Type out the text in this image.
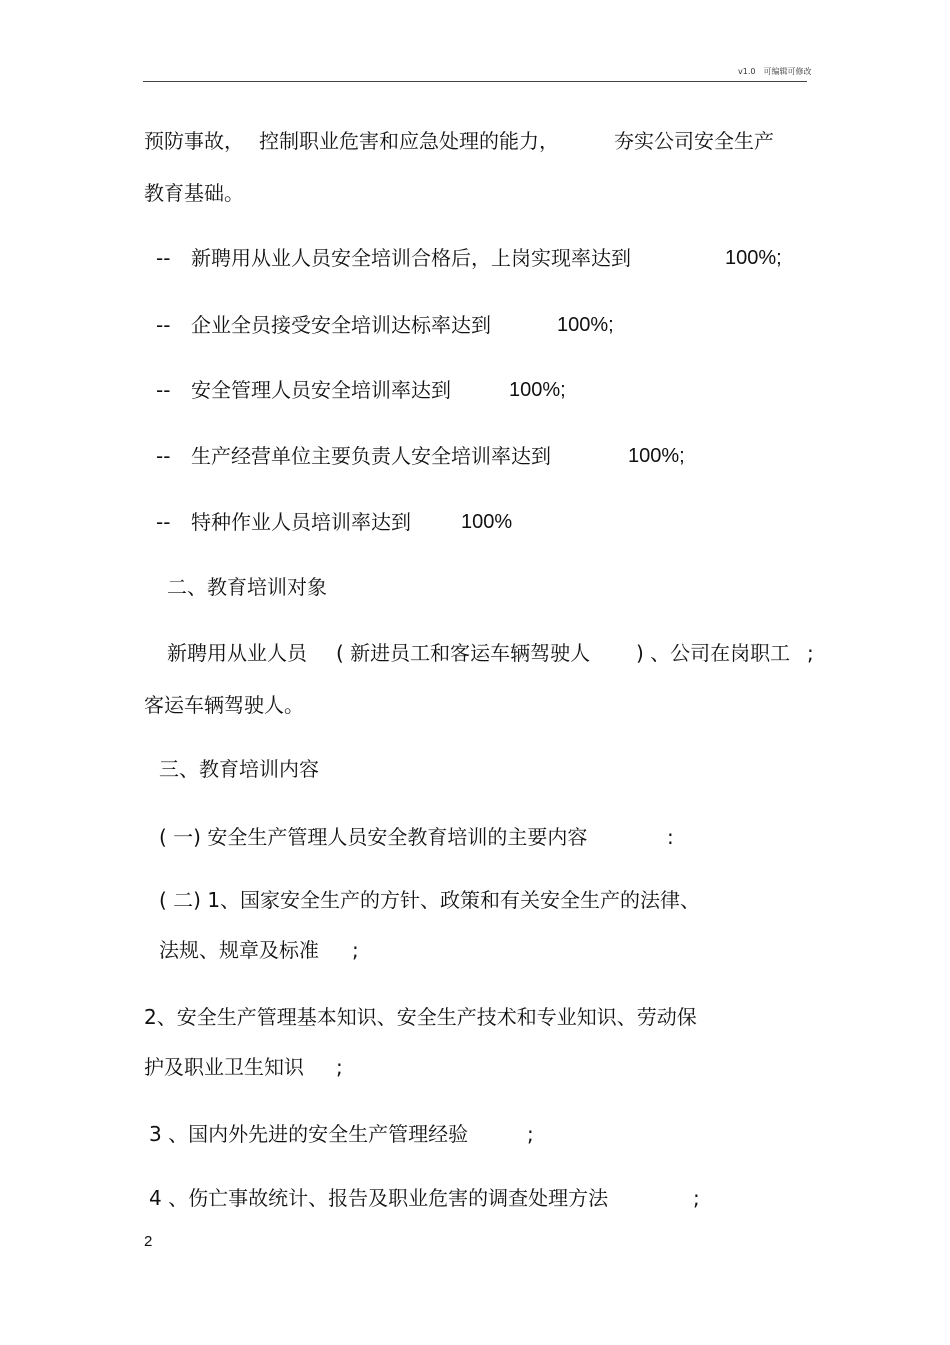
v1.0　可编辑可修改
预防事故， 控制职业危害和应急处理的能力，	夯实公司安全生产
教育基础。
-- 新聘用从业人员安全培训合格后，上岗实现率达到	100%;
-- 企业全员接受安全培训达标率达到	100%;
-- 安全管理人员安全培训率达到	100%;
-- 生产经营单位主要负责人安全培训率达到	100%;
-- 特种作业人员培训率达到	100%
二、教育培训对象
新聘用从业人员 ( 新进员工和客运车辆驾驶人 ) 、公司在岗职工 ;
客运车辆驾驶人。
三、教育培训内容
( 一) 安全生产管理人员安全教育培训的主要内容	:
( 二) 1、国家安全生产的方针、政策和有关安全生产的法律、
法规、规章及标准 ;
2、安全生产管理基本知识、安全生产技术和专业知识、劳动保
护及职业卫生知识 ;
3 、国内外先进的安全生产管理经验	;
4 、伤亡事故统计、报告及职业危害的调查处理方法	;
2
